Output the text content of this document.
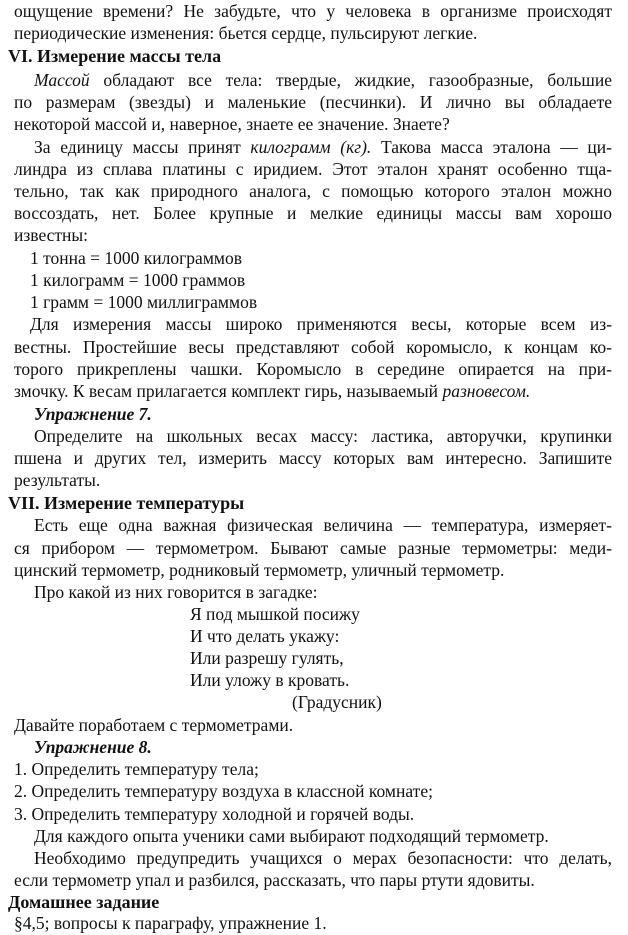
ощущение времени? Не забудьте, что у человека в организме происходят
периодические изменения: бьется сердце, пульсируют легкие.
VI. Измерение массы тела
Массой обладают все тела: твердые, жидкие, газообразные, большие
по размерам (звезды) и маленькие (песчинки). И лично вы обладаете
некоторой массой и, наверное, знаете ее значение. Знаете?
За единицу массы принят килограмм (кг). Такова масса эталона — ци-
линдра из сплава платины с иридием. Этот эталон хранят особенно тща-
тельно, так как природного аналога, с помощью которого эталон можно
воссоздать, нет. Более крупные и мелкие единицы массы вам хорошо
известны:
1 тонна = 1000 килограммов
1 килограмм = 1000 граммов
1 грамм = 1000 миллиграммов
Для измерения массы широко применяются весы, которые всем из-
вестны. Простейшие весы представляют собой коромысло, к концам ко-
торого прикреплены чашки. Коромысло в середине опирается на при-
змочку. К весам прилагается комплект гирь, называемый разновесом.
Упражнение 7.
Определите на школьных весах массу: ластика, авторучки, крупинки
пшена и других тел, измерить массу которых вам интересно. Запишите
результаты.
VII. Измерение температуры
Есть еще одна важная физическая величина — температура, измеряет-
ся прибором — термометром. Бывают самые разные термометры: меди-
цинский термометр, родниковый термометр, уличный термометр.
Про какой из них говорится в загадке:
Я под мышкой посижу
И что делать укажу:
Или разрешу гулять,
Или уложу в кровать.
(Градусник)
Давайте поработаем с термометрами.
Упражнение 8.
1. Определить температуру тела;
2. Определить температуру воздуха в классной комнате;
3. Определить температуру холодной и горячей воды.
Для каждого опыта ученики сами выбирают подходящий термометр.
Необходимо предупредить учащихся о мерах безопасности: что делать,
если термометр упал и разбился, рассказать, что пары ртути ядовиты.
Домашнее задание
§4,5; вопросы к параграфу, упражнение 1.
